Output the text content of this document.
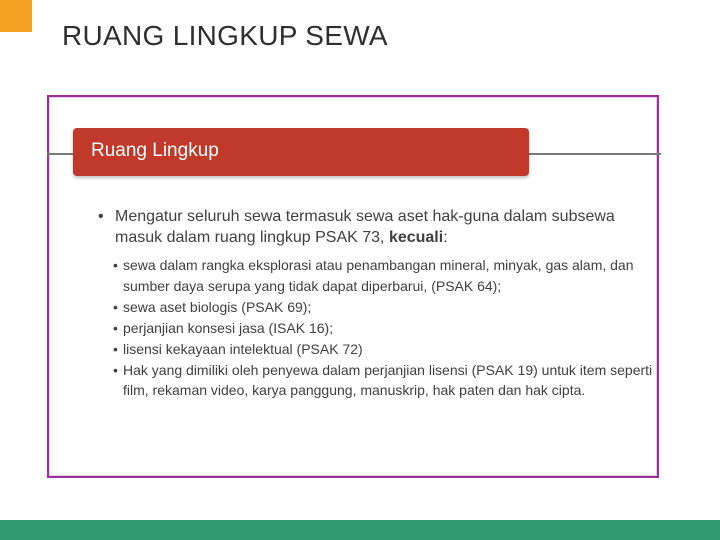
RUANG LINGKUP SEWA
Ruang Lingkup
• Mengatur seluruh sewa termasuk sewa aset hak-guna dalam subsewa masuk dalam ruang lingkup PSAK 73, kecuali:
• sewa dalam rangka eksplorasi atau penambangan mineral, minyak, gas alam, dan sumber daya serupa yang tidak dapat diperbarui, (PSAK 64);
• sewa aset biologis (PSAK 69);
• perjanjian konsesi jasa (ISAK 16);
• lisensi kekayaan intelektual (PSAK 72)
• Hak yang dimiliki oleh penyewa dalam perjanjian lisensi (PSAK 19) untuk item seperti film, rekaman video, karya panggung, manuskrip, hak paten dan hak cipta.
